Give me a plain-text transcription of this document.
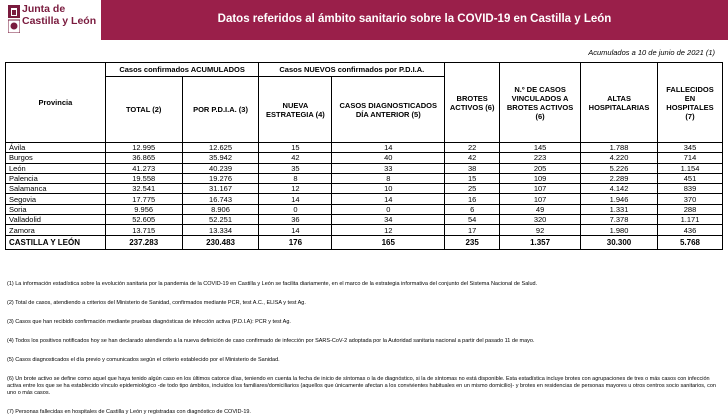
Junta de
Castilla y León	Datos referidos al ámbito sanitario sobre la COVID-19 en Castilla y León
Acumulados a 10 de junio de 2021 (1)
Provincia	Casos confirmados ACUMULADOS		Casos NUEVOS confirmados por P.D.I.A.		BROTES ACTIVOS (6)	N.º DE CASOS VINCULADOS A BROTES ACTIVOS (6)	ALTAS HOSPITALARIAS	FALLECIDOS EN HOSPITALES (7)
	TOTAL (2)	POR P.D.I.A. (3)	NUEVA ESTRATEGIA (4)	CASOS DIAGNOSTICADOS DÍA ANTERIOR (5)				
Ávila	12.995	12.625	15	14	22	145	1.788	345
Burgos	36.865	35.942	42	40	42	223	4.220	714
León	41.273	40.239	35	33	38	205	5.226	1.154
Palencia	19.558	19.276	8	8	15	109	2.289	451
Salamanca	32.541	31.167	12	10	25	107	4.142	839
Segovia	17.775	16.743	14	14	16	107	1.946	370
Soria	9.956	8.906	0	0	6	49	1.331	288
Valladolid	52.605	52.251	36	34	54	320	7.378	1.171
Zamora	13.715	13.334	14	12	17	92	1.980	436
CASTILLA Y LEÓN	237.283	230.483	176	165	235	1.357	30.300	5.768
(1) La información estadística sobre la evolución sanitaria por la pandemia de la COVID-19 en Castilla y León se facilita diariamente, en el marco de la estrategia informativa del conjunto del Sistema Nacional de Salud.
(2) Total de casos, atendiendo a criterios del Ministerio de Sanidad, confirmados mediante PCR, test A.C., ELISA y test Ag.
(3) Casos que han recibido confirmación mediante pruebas diagnósticas de infección activa (P.D.I.A): PCR y test Ag.
(4) Todos los positivos notificados hoy se han declarado atendiendo a la nueva definición de caso confirmado de infección por SARS-CoV-2 adoptada por la Autoridad sanitaria nacional a partir del pasado 11 de mayo.
(5) Casos diagnosticados el día previo y comunicados según el criterio establecido por el Ministerio de Sanidad.
(6) Un brote activo se define como aquel que haya tenido algún caso en los últimos catorce días, teniendo en cuenta la fecha de inicio de síntomas o la de diagnóstico, si la de síntomas no está disponible. Esta estadística incluye brotes con agrupaciones de tres o más casos con infección activa entre los que se ha establecido vínculo epidemiológico -de todo tipo ámbitos, incluidos los familiares/domiciliarios (aquellos que únicamente afectan a los convivientes habituales en un mismo domicilio)- y brotes en residencias de personas mayores u otros centros socio sanitarios, con uno o más casos.
(7) Personas fallecidas en hospitales de Castilla y León y registradas con diagnóstico de COVID-19.
